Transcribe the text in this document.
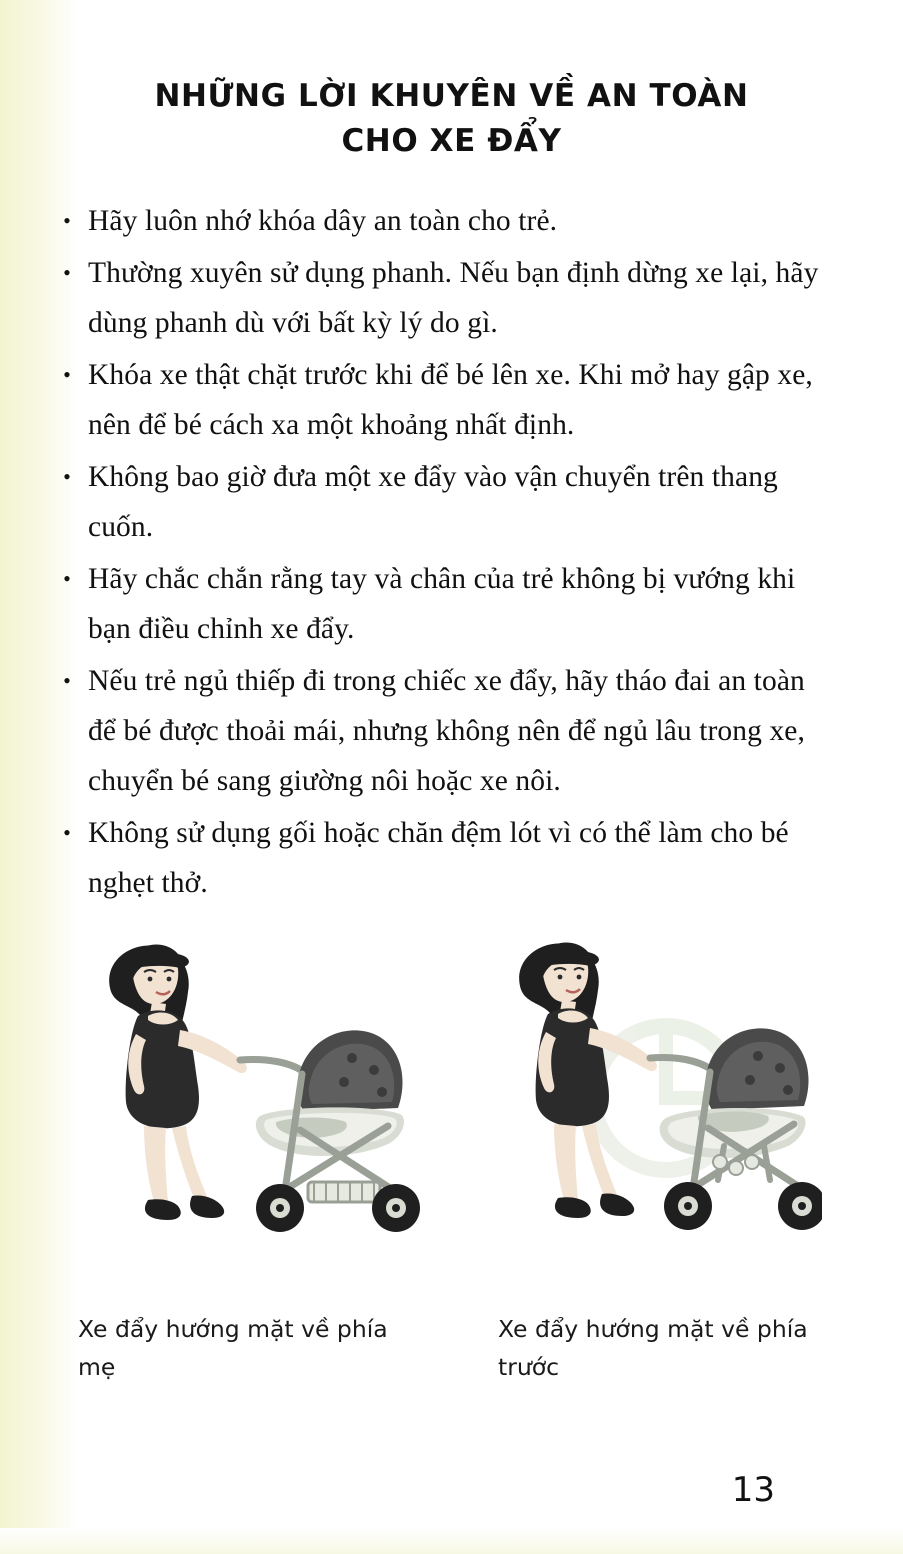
NHỮNG LỜI KHUYÊN VỀ AN TOÀN
CHO XE ĐẨY
• Hãy luôn nhớ khóa dây an toàn cho trẻ.
• Thường xuyên sử dụng phanh. Nếu bạn định dừng xe lại, hãy dùng phanh dù với bất kỳ lý do gì.
• Khóa xe thật chặt trước khi để bé lên xe. Khi mở hay gập xe, nên để bé cách xa một khoảng nhất định.
• Không bao giờ đưa một xe đẩy vào vận chuyển trên thang cuốn.
• Hãy chắc chắn rằng tay và chân của trẻ không bị vướng khi bạn điều chỉnh xe đẩy.
• Nếu trẻ ngủ thiếp đi trong chiếc xe đẩy, hãy tháo đai an toàn để bé được thoải mái, nhưng không nên để ngủ lâu trong xe, chuyển bé sang giường nôi hoặc xe nôi.
• Không sử dụng gối hoặc chăn đệm lót vì có thể làm cho bé nghẹt thở.
Xe đẩy hướng mặt về phía mẹ
Xe đẩy hướng mặt về phía trước
13
